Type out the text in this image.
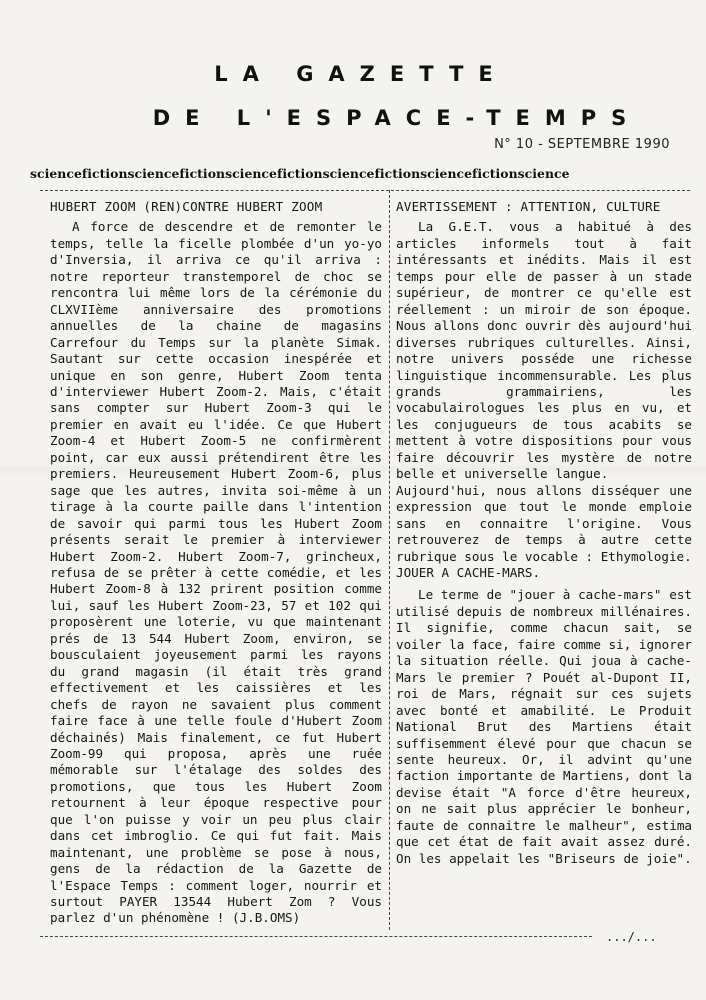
LA GAZETTE
DE L'ESPACE-TEMPS
N° 10 - SEPTEMBRE 1990
sciencefictionsciencefictionsciencefictionsciencefictionsciencefictionscience
HUBERT ZOOM (REN)CONTRE HUBERT ZOOM

A force de descendre et de remonter le temps, telle la ficelle plombée d'un yo-yo d'Inversia, il arriva ce qu'il arriva : notre reporteur transtemporel de choc se rencontra lui même lors de la cérémonie du CLXVIIème anniversaire des promotions annuelles de la chaine de magasins Carrefour du Temps sur la planète Simak. Sautant sur cette occasion inespérée et unique en son genre, Hubert Zoom tenta d'interviewer Hubert Zoom-2. Mais, c'était sans compter sur Hubert Zoom-3 qui le premier en avait eu l'idée. Ce que Hubert Zoom-4 et Hubert Zoom-5 ne confirmèrent point, car eux aussi prétendirent être les premiers. Heureusement Hubert Zoom-6, plus sage que les autres, invita soi-même à un tirage à la courte paille dans l'intention de savoir qui parmi tous les Hubert Zoom présents serait le premier à interviewer Hubert Zoom-2. Hubert Zoom-7, grincheux, refusa de se prêter à cette comédie, et les Hubert Zoom-8 à 132 prirent position comme lui, sauf les Hubert Zoom-23, 57 et 102 qui proposèrent une loterie, vu que maintenant prés de 13 544 Hubert Zoom, environ, se bousculaient joyeusement parmi les rayons du grand magasin (il était très grand effectivement et les caissières et les chefs de rayon ne savaient plus comment faire face à une telle foule d'Hubert Zoom déchainés) Mais finalement, ce fut Hubert Zoom-99 qui proposa, après une ruée mémorable sur l'étalage des soldes des promotions, que tous les Hubert Zoom retournent à leur époque respective pour que l'on puisse y voir un peu plus clair dans cet imbroglio. Ce qui fut fait. Mais maintenant, une problème se pose à nous, gens de la rédaction de la Gazette de l'Espace Temps : comment loger, nourrir et surtout PAYER 13544 Hubert Zom ? Vous parlez d'un phénomène ! (J.B.OMS)

AVERTISSEMENT : ATTENTION, CULTURE

La G.E.T. vous a habitué à des articles informels tout à fait intéressants et inédits. Mais il est temps pour elle de passer à un stade supérieur, de montrer ce qu'elle est réellement : un miroir de son époque. Nous allons donc ouvrir dès aujourd'hui diverses rubriques culturelles. Ainsi, notre univers posséde une richesse linguistique incommensurable. Les plus grands grammairiens, les vocabulairologues les plus en vu, et les conjugueurs de tous acabits se mettent à votre dispositions pour vous faire découvrir les mystère de notre belle et universelle langue.

Aujourd'hui, nous allons disséquer une expression que tout le monde emploie sans en connaitre l'origine. Vous retrouverez de temps à autre cette rubrique sous le vocable : Ethymologie.

JOUER A CACHE-MARS.

Le terme de "jouer à cache-mars" est utilisé depuis de nombreux millénaires. Il signifie, comme chacun sait, se voiler la face, faire comme si, ignorer la situation réelle. Qui joua à cache-Mars le premier ? Pouét al-Dupont II, roi de Mars, régnait sur ces sujets avec bonté et amabilité. Le Produit National Brut des Martiens était suffisemment élevé pour que chacun se sente heureux. Or, il advint qu'une faction importante de Martiens, dont la devise était "A force d'être heureux, on ne sait plus apprécier le bonheur, faute de connaitre le malheur", estima que cet état de fait avait assez duré. On les appelait les "Briseurs de joie".

.../...
